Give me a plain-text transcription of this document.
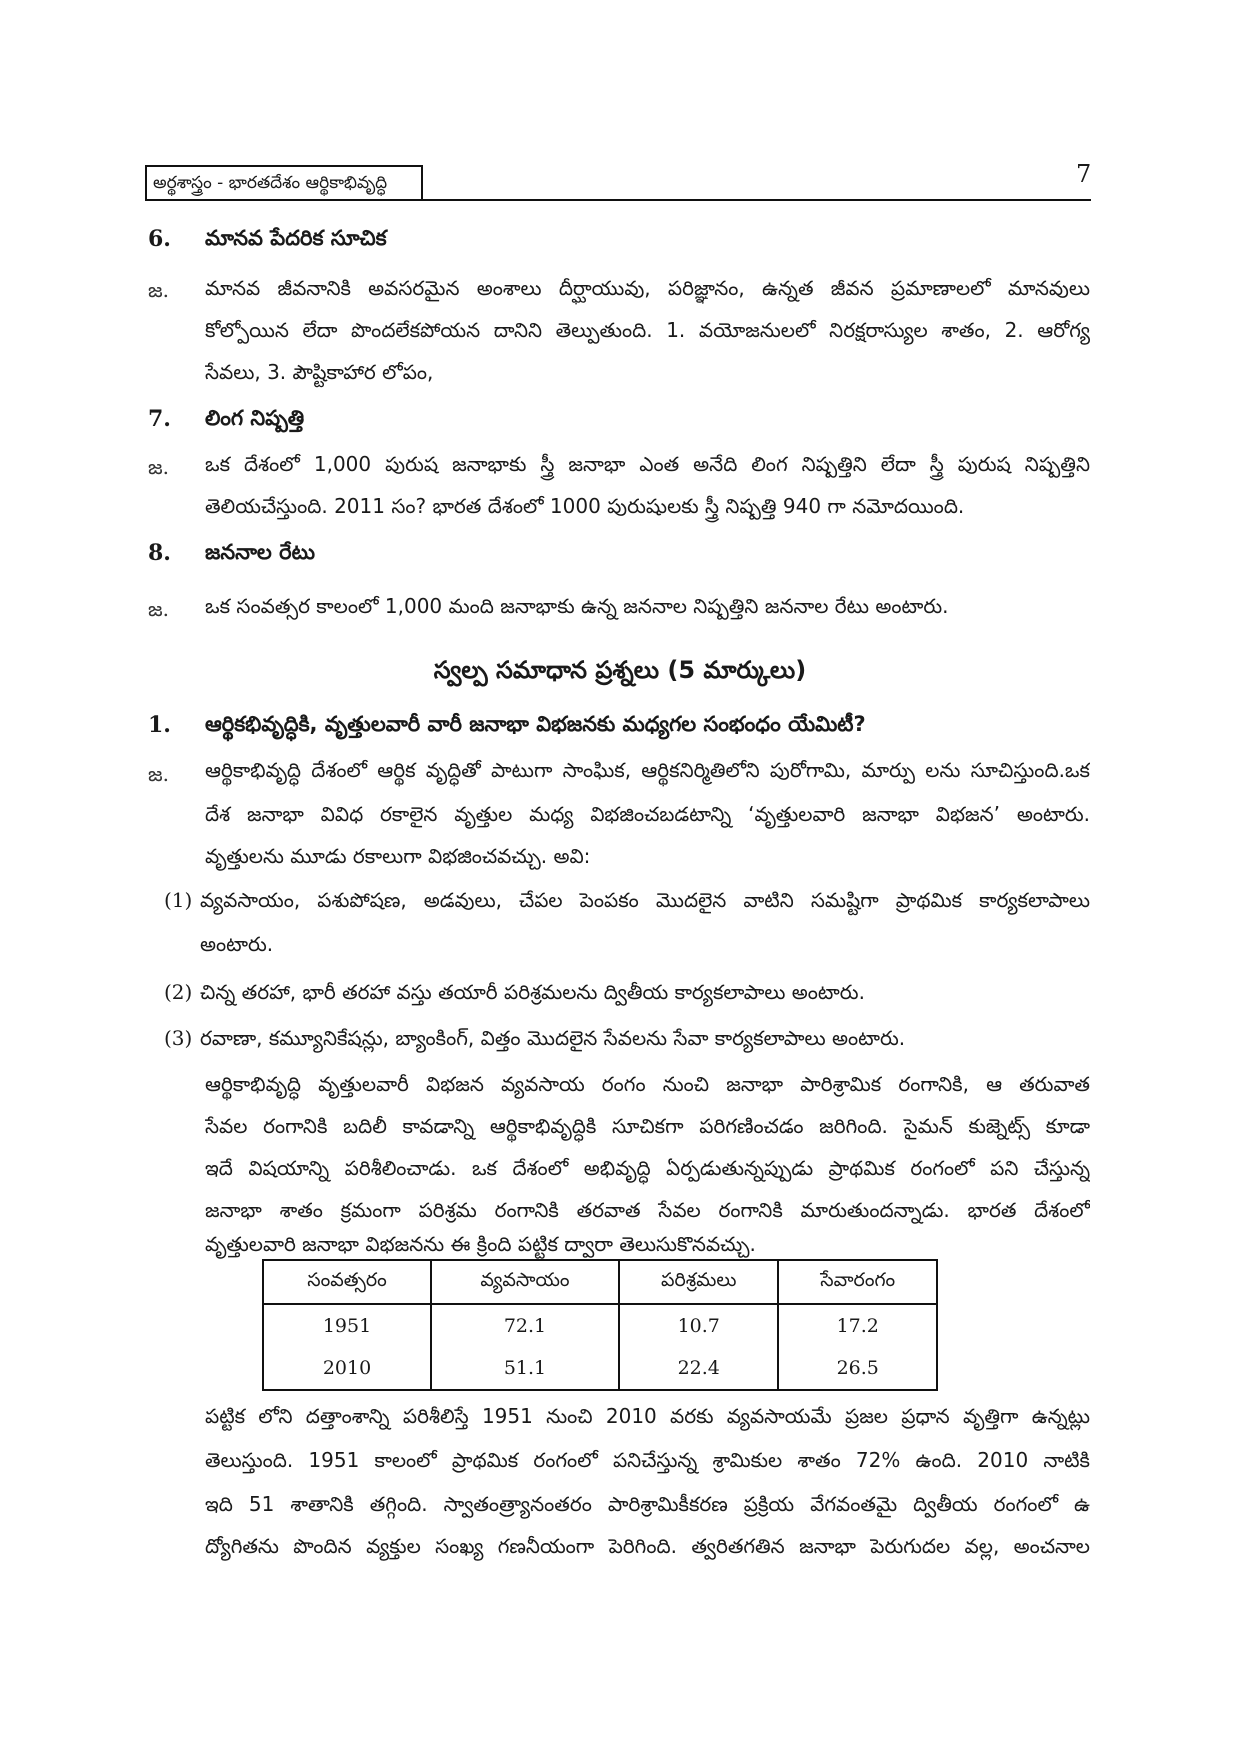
అర్థశాస్త్రం - భారతదేశం ఆర్థికాభివృద్ధి	7
6. మానవ పేదరిక సూచిక
జ. మానవ జీవనానికి అవసరమైన అంశాలు దీర్ఘాయువు, పరిజ్ఞానం, ఉన్నత జీవన ప్రమాణాలలో మానవులు
కోల్పోయిన లేదా పొందలేకపోయన దానిని తెల్పుతుంది. 1. వయోజనులలో నిరక్షరాస్యుల శాతం, 2. ఆరోగ్య
సేవలు, 3. పౌష్టికాహార లోపం,
7. లింగ నిష్పత్తి
జ. ఒక దేశంలో 1,000 పురుష జనాభాకు స్త్రీ జనాభా ఎంత అనేది లింగ నిష్పత్తిని లేదా స్త్రీ పురుష నిష్పత్తిని
తెలియచేస్తుంది. 2011 సం? భారత దేశంలో 1000 పురుషులకు స్త్రీ నిష్పత్తి 940 గా నమోదయింది.
8. జననాల రేటు
జ. ఒక సంవత్సర కాలంలో 1,000 మంది జనాభాకు ఉన్న జననాల నిష్పత్తిని జననాల రేటు అంటారు.
స్వల్ప సమాధాన ప్రశ్నలు (5 మార్కులు)
1. ఆర్థికభివృద్ధికి, వృత్తులవారీ వారీ జనాభా విభజనకు మధ్యగల సంభంధం యేమిటీ?
జ. ఆర్థికాభివృద్ధి దేశంలో ఆర్థిక వృద్ధితో పాటుగా సాంఘిక, ఆర్థికనిర్మితిలోని పురోగామి, మార్పు లను సూచిస్తుంది.ఒక
దేశ జనాభా వివిధ రకాలైన వృత్తుల మధ్య విభజించబడటాన్ని ‘వృత్తులవారి జనాభా విభజన’ అంటారు.
వృత్తులను మూడు రకాలుగా విభజించవచ్చు. అవి:
(1) వ్యవసాయం, పశుపోషణ, అడవులు, చేపల పెంపకం మొదలైన వాటిని సమష్టిగా ప్రాథమిక కార్యకలాపాలు
అంటారు.
(2) చిన్న తరహా, భారీ తరహా వస్తు తయారీ పరిశ్రమలను ద్వితీయ కార్యకలాపాలు అంటారు.
(3) రవాణా, కమ్యూనికేషన్లు, బ్యాంకింగ్, విత్తం మొదలైన సేవలను సేవా కార్యకలాపాలు అంటారు.
ఆర్థికాభివృద్ధి వృత్తులవారీ విభజన వ్యవసాయ రంగం నుంచి జనాభా పారిశ్రామిక రంగానికి, ఆ తరువాత
సేవల రంగానికి బదిలీ కావడాన్ని ఆర్థికాభివృద్ధికి సూచికగా పరిగణించడం జరిగింది. సైమన్ కుజ్నెట్స్ కూడా
ఇదే విషయాన్ని పరిశీలించాడు. ఒక దేశంలో అభివృద్ధి ఏర్పడుతున్నప్పుడు ప్రాథమిక రంగంలో పని చేస్తున్న
జనాభా శాతం క్రమంగా పరిశ్రమ రంగానికి తరవాత సేవల రంగానికి మారుతుందన్నాడు. భారత దేశంలో
వృత్తులవారి జనాభా విభజనను ఈ క్రింది పట్టిక ద్వారా తెలుసుకొనవచ్చు.
సంవత్సరం	వ్యవసాయం	పరిశ్రమలు	సేవారంగం
1951	72.1	10.7	17.2
2010	51.1	22.4	26.5
పట్టిక లోని దత్తాంశాన్ని పరిశీలిస్తే 1951 నుంచి 2010 వరకు వ్యవసాయమే ప్రజల ప్రధాన వృత్తిగా ఉన్నట్లు
తెలుస్తుంది. 1951 కాలంలో ప్రాథమిక రంగంలో పనిచేస్తున్న శ్రామికుల శాతం 72% ఉంది. 2010 నాటికి
ఇది 51 శాతానికి తగ్గింది. స్వాతంత్ర్యానంతరం పారిశ్రామికీకరణ ప్రక్రియ వేగవంతమై ద్వితీయ రంగంలో ఉ
ద్యోగితను పొందిన వ్యక్తుల సంఖ్య గణనీయంగా పెరిగింది. త్వరితగతిన జనాభా పెరుగుదల వల్ల, అంచనాల
